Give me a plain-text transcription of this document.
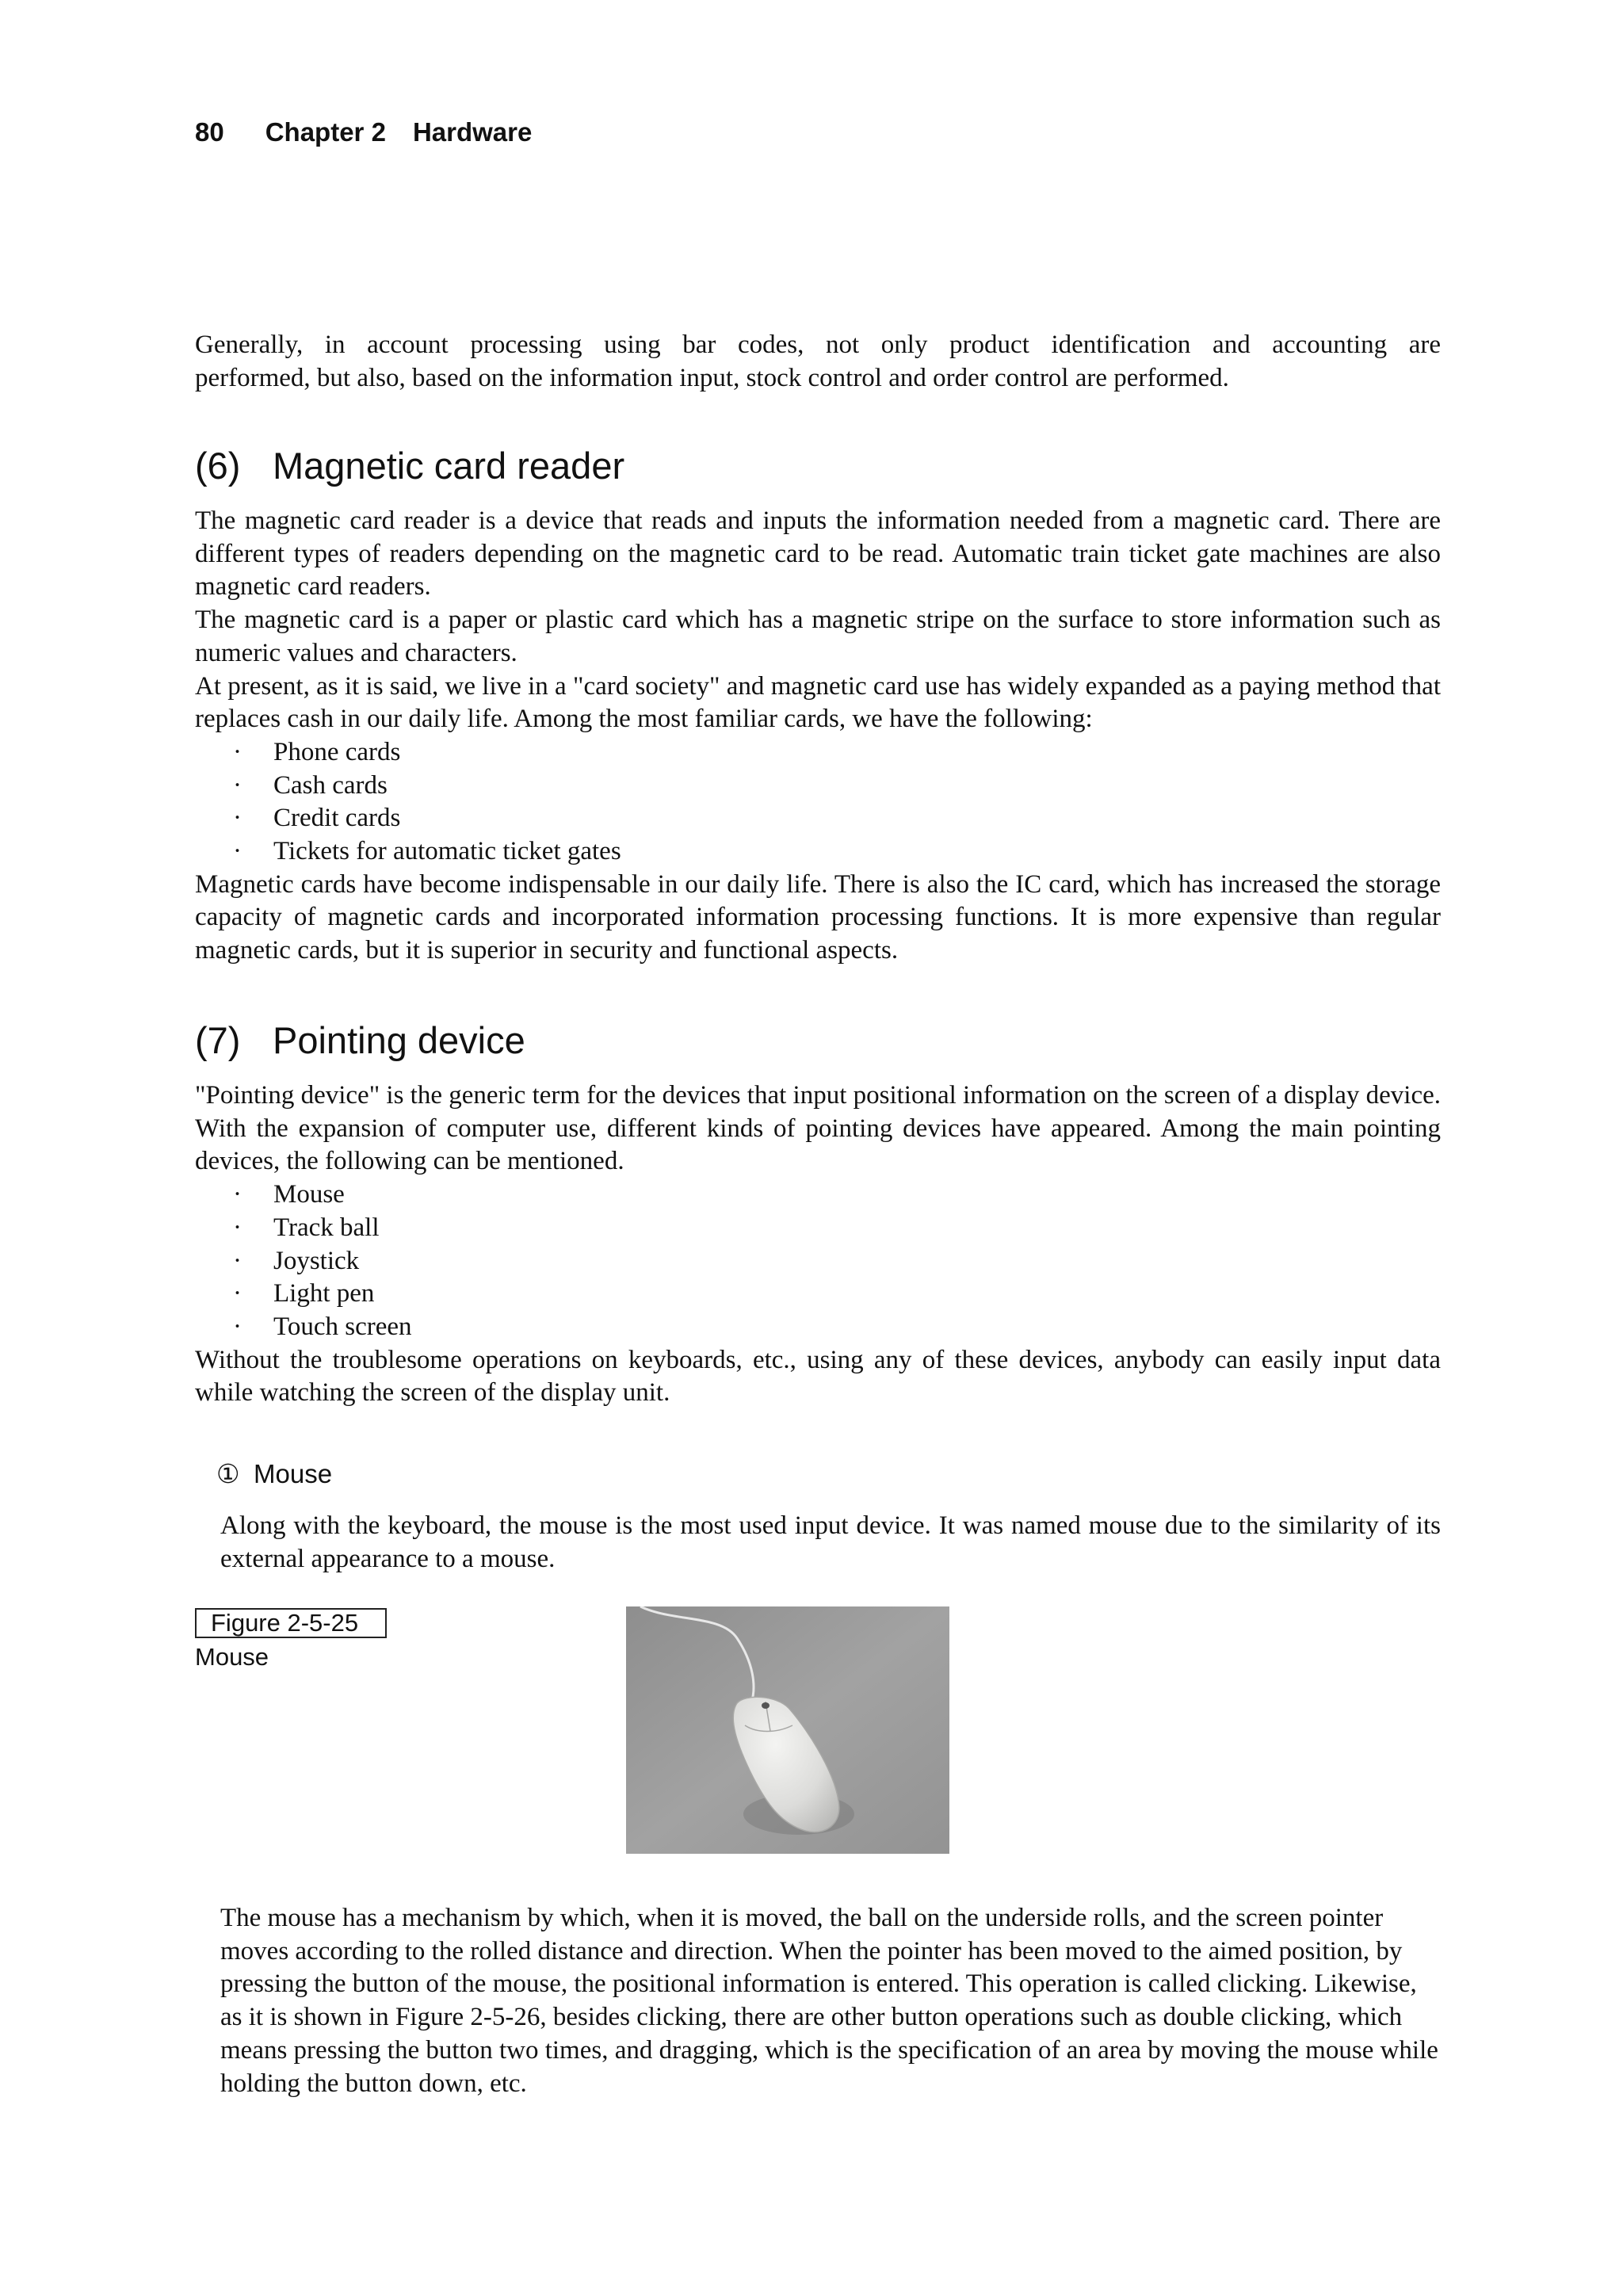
80 Chapter 2 Hardware
Generally, in account processing using bar codes, not only product identification and accounting are
performed, but also, based on the information input, stock control and order control are performed.
(6) Magnetic card reader

The magnetic card reader is a device that reads and inputs the information needed from a magnetic card. There are different types of readers depending on the magnetic card to be read. Automatic train ticket gate machines are also magnetic card readers.

The magnetic card is a paper or plastic card which has a magnetic stripe on the surface to store information such as numeric values and characters.

At present, as it is said, we live in a "card society" and magnetic card use has widely expanded as a paying method that replaces cash in our daily life. Among the most familiar cards, we have the following:

· Phone cards
· Cash cards
· Credit cards
· Tickets for automatic ticket gates

Magnetic cards have become indispensable in our daily life. There is also the IC card, which has increased the storage capacity of magnetic cards and incorporated information processing functions. It is more expensive than regular magnetic cards, but it is superior in security and functional aspects.

(7) Pointing device

"Pointing device" is the generic term for the devices that input positional information on the screen of a display device.

With the expansion of computer use, different kinds of pointing devices have appeared. Among the main pointing devices, the following can be mentioned.

· Mouse
· Track ball
· Joystick
· Light pen
· Touch screen

Without the troublesome operations on keyboards, etc., using any of these devices, anybody can easily input data while watching the screen of the display unit.

① Mouse

Along with the keyboard, the mouse is the most used input device. It was named mouse due to the similarity of its external appearance to a mouse.

Figure 2-5-25
Mouse

The mouse has a mechanism by which, when it is moved, the ball on the underside rolls, and the screen pointer moves according to the rolled distance and direction. When the pointer has been moved to the aimed position, by pressing the button of the mouse, the positional information is entered. This operation is called clicking. Likewise, as it is shown in Figure 2-5-26, besides clicking, there are other button operations such as double clicking, which means pressing the button two times, and dragging, which is the specification of an area by moving the mouse while holding the button down, etc.
